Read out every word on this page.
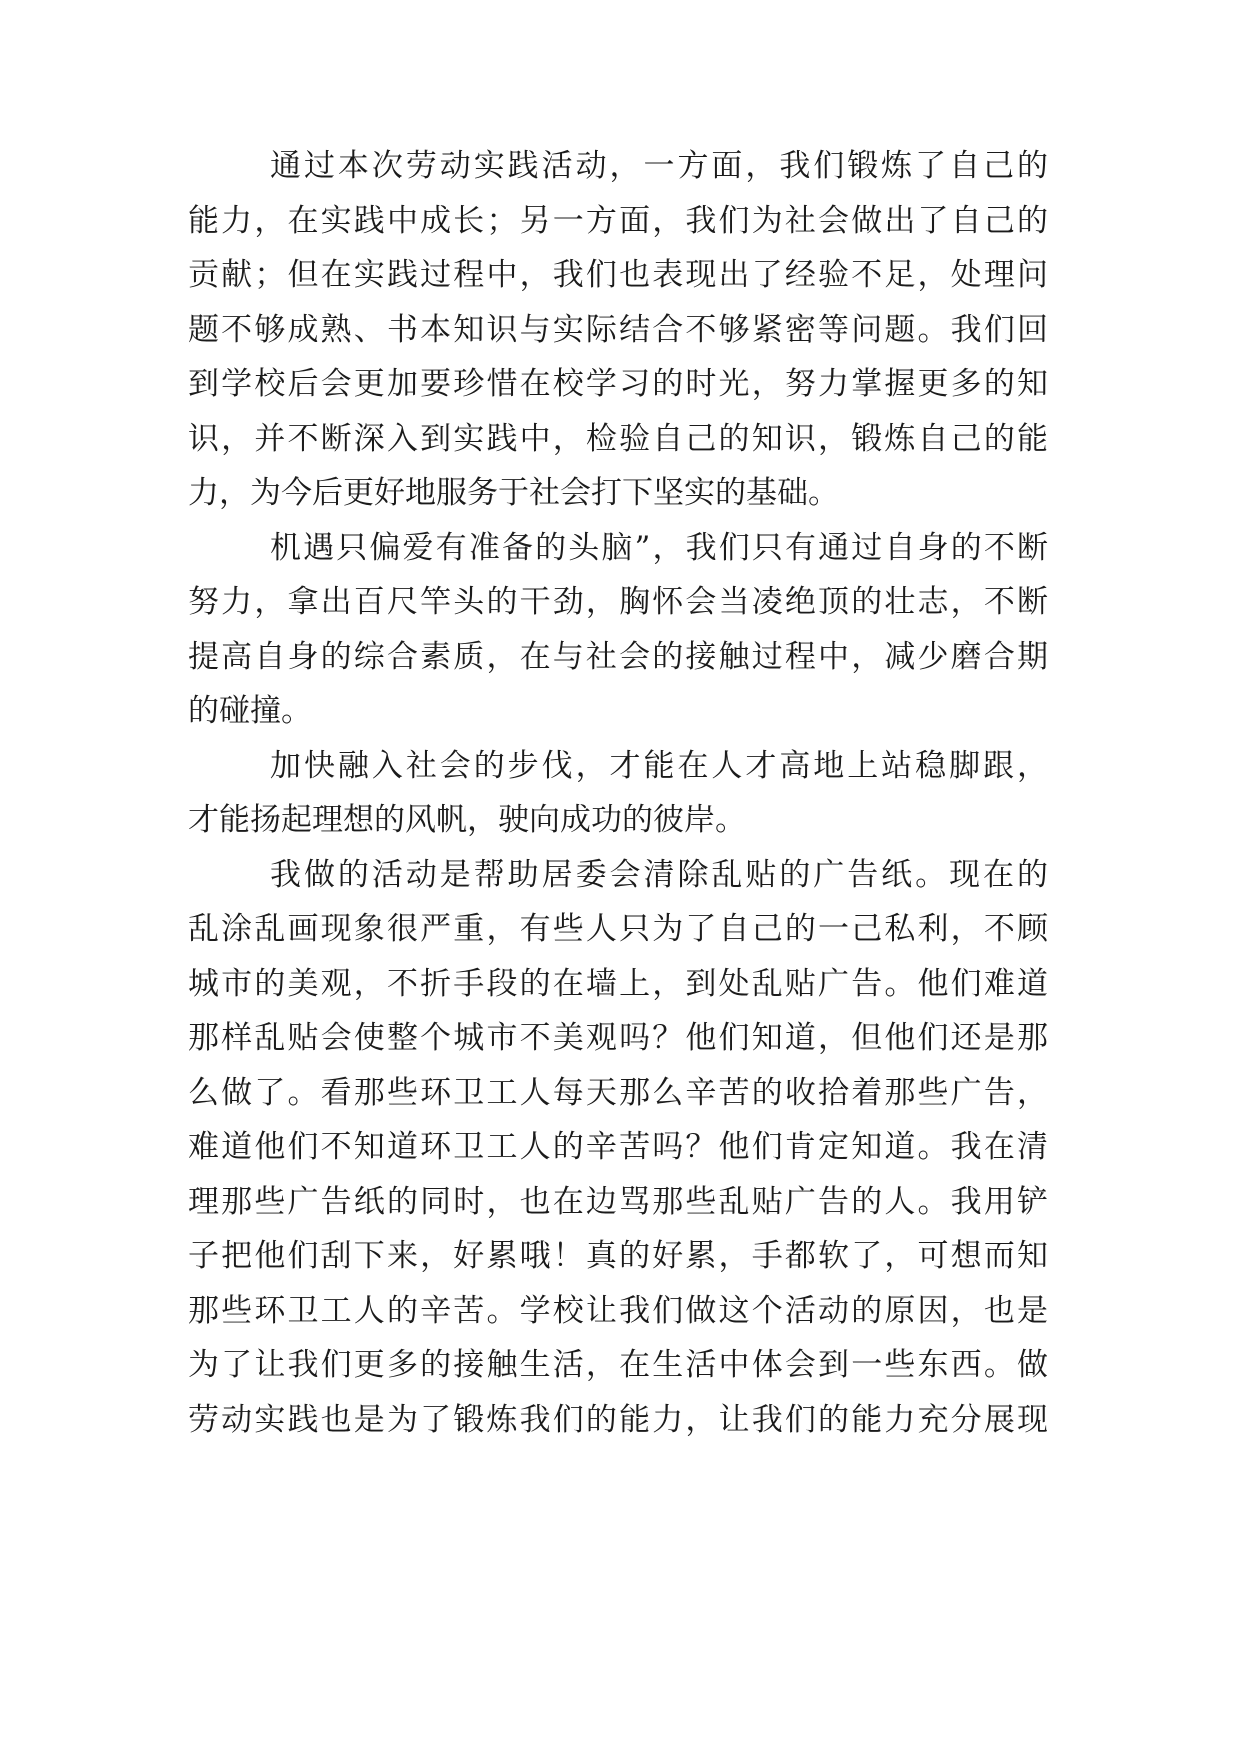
通过本次劳动实践活动，一方面，我们锻炼了自己的
能力，在实践中成长；另一方面，我们为社会做出了自己的
贡献；但在实践过程中，我们也表现出了经验不足，处理问
题不够成熟、书本知识与实际结合不够紧密等问题。我们回
到学校后会更加要珍惜在校学习的时光，努力掌握更多的知
识，并不断深入到实践中，检验自己的知识，锻炼自己的能
力，为今后更好地服务于社会打下坚实的基础。
机遇只偏爱有准备的头脑”，我们只有通过自身的不断
努力，拿出百尺竿头的干劲，胸怀会当凌绝顶的壮志，不断
提高自身的综合素质，在与社会的接触过程中，减少磨合期
的碰撞。
加快融入社会的步伐，才能在人才高地上站稳脚跟，
才能扬起理想的风帆，驶向成功的彼岸。
我做的活动是帮助居委会清除乱贴的广告纸。现在的
乱涂乱画现象很严重，有些人只为了自己的一己私利，不顾
城市的美观，不折手段的在墙上，到处乱贴广告。他们难道
那样乱贴会使整个城市不美观吗？他们知道，但他们还是那
么做了。看那些环卫工人每天那么辛苦的收拾着那些广告，
难道他们不知道环卫工人的辛苦吗？他们肯定知道。我在清
理那些广告纸的同时，也在边骂那些乱贴广告的人。我用铲
子把他们刮下来，好累哦！真的好累，手都软了，可想而知
那些环卫工人的辛苦。学校让我们做这个活动的原因，也是
为了让我们更多的接触生活，在生活中体会到一些东西。做
劳动实践也是为了锻炼我们的能力，让我们的能力充分展现
